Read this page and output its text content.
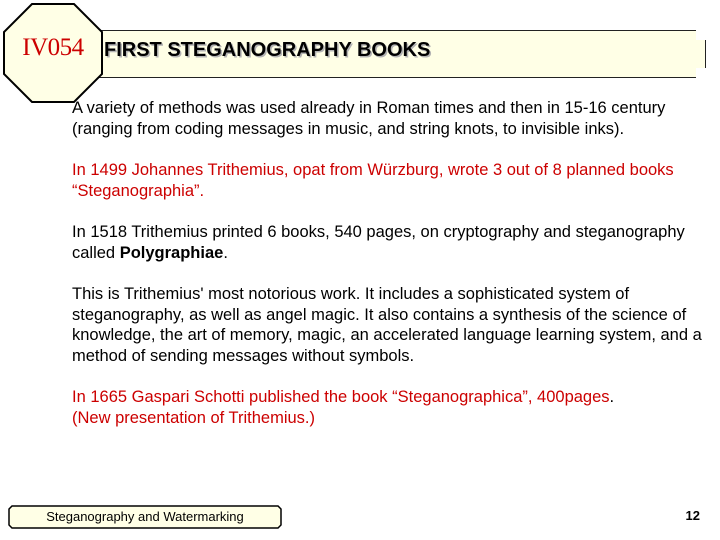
IV054	FIRST STEGANOGRAPHY BOOKS

A variety of methods was used already in Roman times and then in 15-16 century (ranging from coding messages in music, and string knots, to invisible inks).

In 1499 Johannes Trithemius, opat from Würzburg, wrote 3 out of 8 planned books “Steganographia”.

In 1518 Trithemius printed 6 books, 540 pages, on cryptography and steganography called Polygraphiae.

This is Trithemius' most notorious work. It includes a sophisticated system of steganography, as well as angel magic. It also contains a synthesis of the science of knowledge, the art of memory, magic, an accelerated language learning system, and a method of sending messages without symbols.

In 1665 Gaspari Schotti published the book “Steganographica”, 400pages.
(New presentation of Trithemius.)

Steganography and Watermarking	12
